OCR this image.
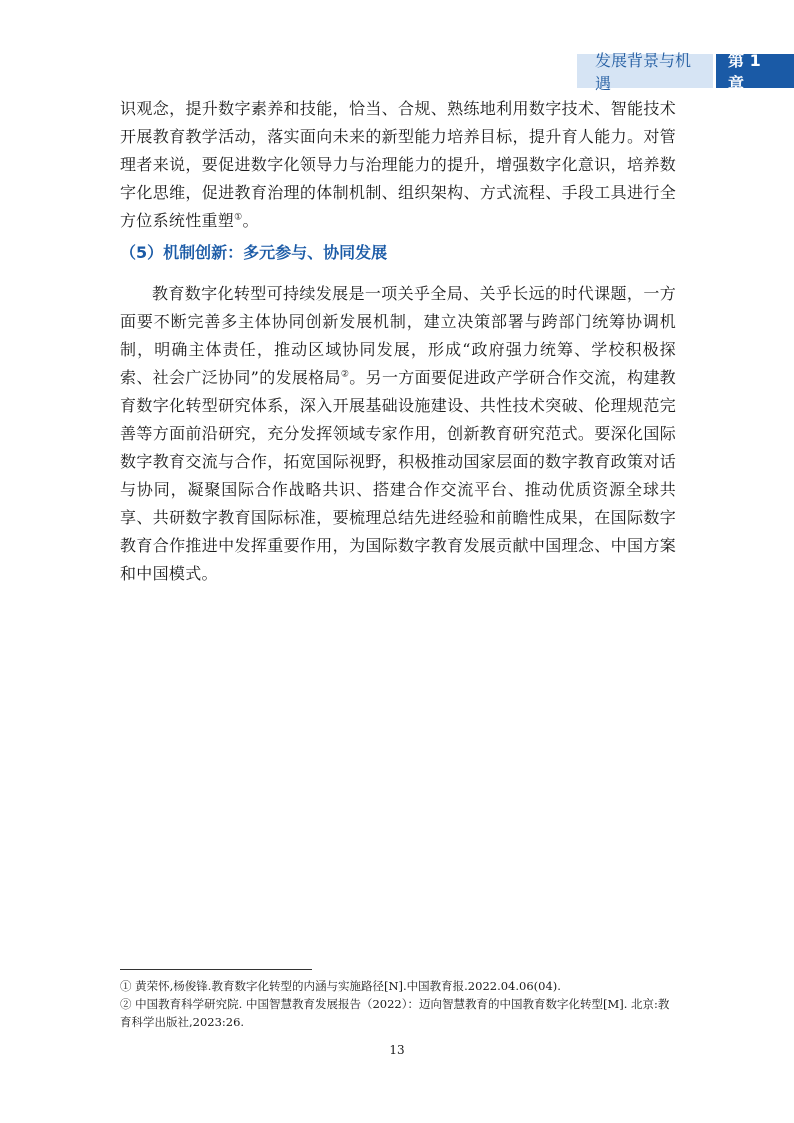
发展背景与机遇
第 1 章
识观念，提升数字素养和技能，恰当、合规、熟练地利用数字技术、智能技术开展教育教学活动，落实面向未来的新型能力培养目标，提升育人能力。对管理者来说，要促进数字化领导力与治理能力的提升，增强数字化意识，培养数字化思维，促进教育治理的体制机制、组织架构、方式流程、手段工具进行全方位系统性重塑①。
（5）机制创新：多元参与、协同发展
教育数字化转型可持续发展是一项关乎全局、关乎长远的时代课题，一方面要不断完善多主体协同创新发展机制，建立决策部署与跨部门统筹协调机制，明确主体责任，推动区域协同发展，形成“政府强力统筹、学校积极探索、社会广泛协同”的发展格局②。另一方面要促进政产学研合作交流，构建教育数字化转型研究体系，深入开展基础设施建设、共性技术突破、伦理规范完善等方面前沿研究，充分发挥领域专家作用，创新教育研究范式。要深化国际数字教育交流与合作，拓宽国际视野，积极推动国家层面的数字教育政策对话与协同，凝聚国际合作战略共识、搭建合作交流平台、推动优质资源全球共享、共研数字教育国际标准，要梳理总结先进经验和前瞻性成果，在国际数字教育合作推进中发挥重要作用，为国际数字教育发展贡献中国理念、中国方案和中国模式。
① 黄荣怀,杨俊锋.教育数字化转型的内涵与实施路径[N].中国教育报.2022.04.06(04).
② 中国教育科学研究院. 中国智慧教育发展报告（2022）：迈向智慧教育的中国教育数字化转型[M]. 北京:教育科学出版社,2023:26.
13
